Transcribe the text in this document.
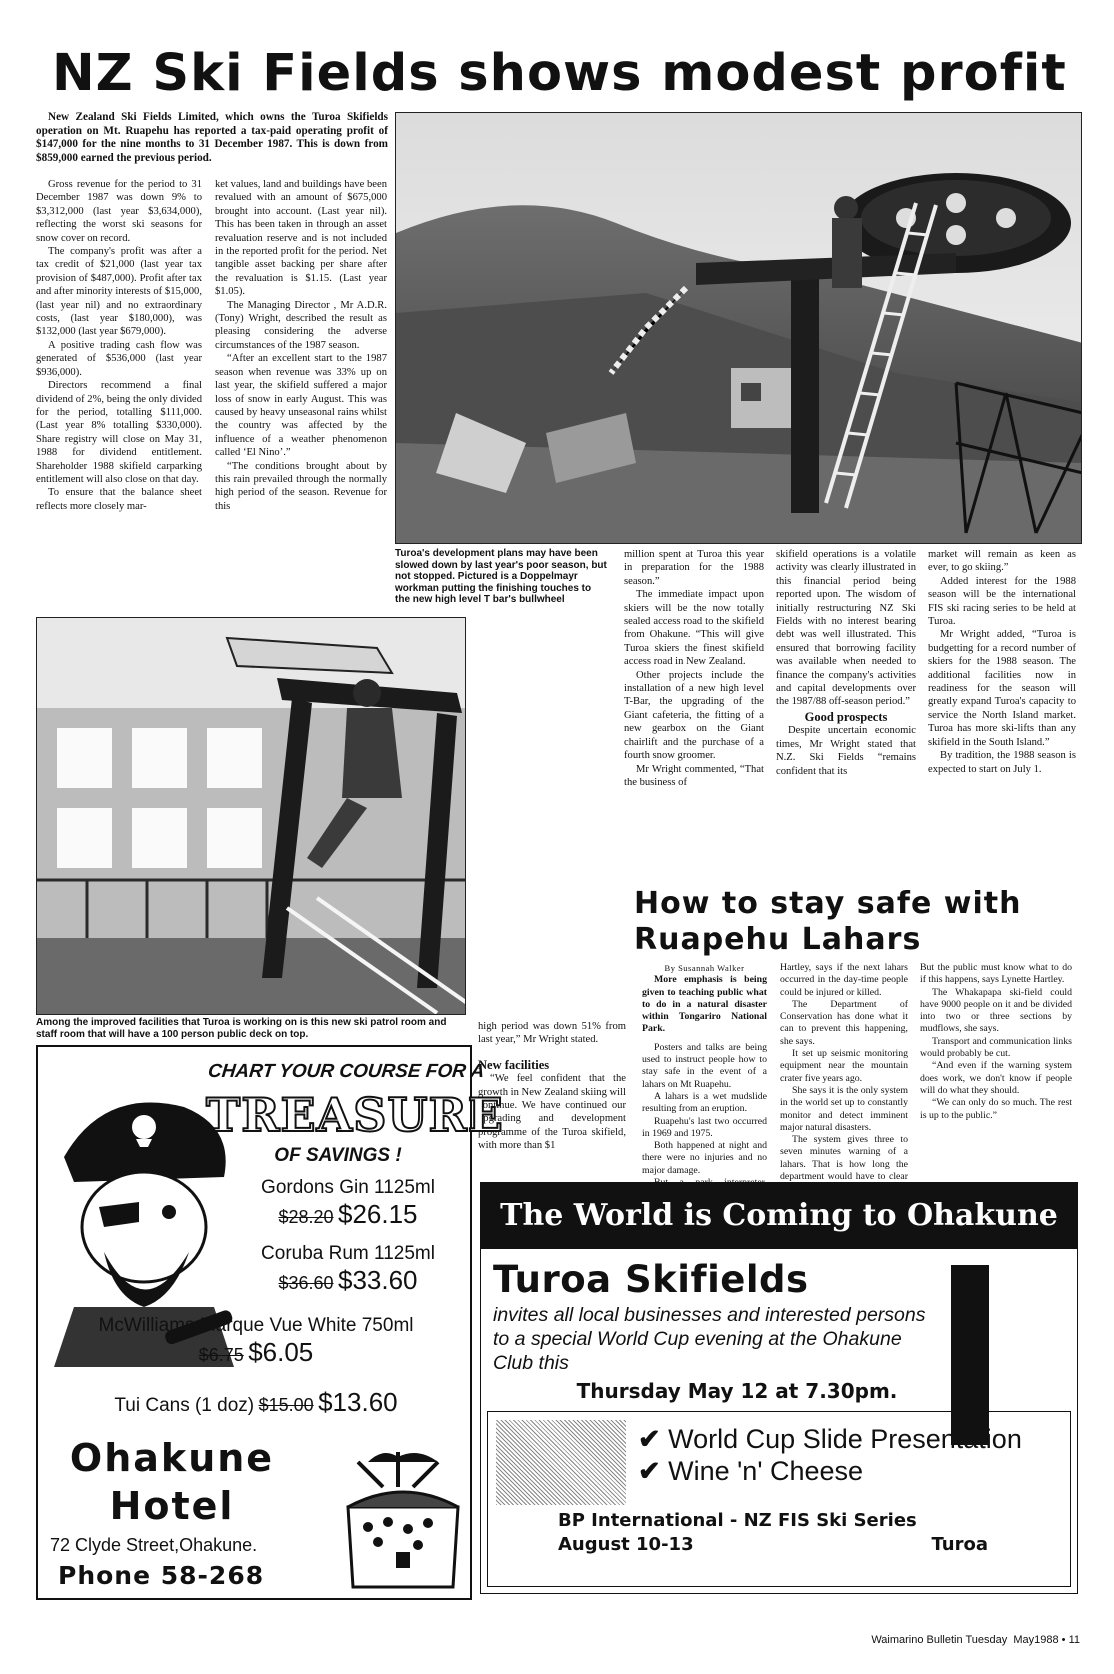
NZ Ski Fields shows modest profit
New Zealand Ski Fields Limited, which owns the Turoa Skifields operation on Mt. Ruapehu has reported a tax-paid operating profit of $147,000 for the nine months to 31 December 1987. This is down from $859,000 earned the previous period.

Gross revenue for the period to 31 December 1987 was down 9% to $3,312,000 (last year $3,634,000), reflecting the worst ski seasons for snow cover on record.

The company's profit was after a tax credit of $21,000 (last year tax provision of $487,000). Profit after tax and after minority interests of $15,000, (last year nil) and no extraordinary costs, (last year $180,000), was $132,000 (last year $679,000).

A positive trading cash flow was generated of $536,000 (last year $936,000).

Directors recommend a final dividend of 2%, being the only divided for the period, totalling $111,000. (Last year 8% totalling $330,000). Share registry will close on May 31, 1988 for dividend entitlement. Shareholder 1988 skifield carparking entitlement will also close on that day.

To ensure that the balance sheet reflects more closely mar-

ket values, land and buildings have been revalued with an amount of $675,000 brought into account. (Last year nil). This has been taken in through an asset revaluation reserve and is not included in the reported profit for the period. Net tangible asset backing per share after the revaluation is $1.15. (Last year $1.05).

The Managing Director , Mr A.D.R. (Tony) Wright, described the result as pleasing considering the adverse circumstances of the 1987 season.

“After an excellent start to the 1987 season when revenue was 33% up on last year, the skifield suffered a major loss of snow in early August. This was caused by heavy unseasonal rains whilst the country was affected by the influence of a weather phenomenon called ‘El Nino’.”

“The conditions brought about by this rain prevailed through the normally high period of the season. Revenue for this

Turoa's development plans may have been slowed down by last year's poor season, but not stopped. Pictured is a Doppelmayr workman putting the finishing touches to the new high level T bar's bullwheel
Among the improved facilities that Turoa is working on is this new ski patrol room and staff room that will have a 100 person public deck on top.

high period was down 51% from last year,” Mr Wright stated.

New facilities

“We feel confident that the growth in New Zealand skiing will continue. We have continued our upgrading and development programme of the Turoa skifield, with more than $1

million spent at Turoa this year in preparation for the 1988 season.”

The immediate impact upon skiers will be the now totally sealed access road to the skifield from Ohakune. “This will give Turoa skiers the finest skifield access road in New Zealand.

Other projects include the installation of a new high level T-Bar, the upgrading of the Giant cafeteria, the fitting of a new gearbox on the Giant chairlift and the purchase of a fourth snow groomer.

Mr Wright commented, “That the business of

skifield operations is a volatile activity was clearly illustrated in this financial period being reported upon. The wisdom of initially restructuring NZ Ski Fields with no interest bearing debt was well illustrated. This ensured that borrowing facility was available when needed to finance the company's activities and capital developments over the 1987/88 off-season period.”

Good prospects

Despite uncertain economic times, Mr Wright stated that N.Z. Ski Fields “remains confident that its

market will remain as keen as ever, to go skiing.”

Added interest for the 1988 season will be the international FIS ski racing series to be held at Turoa.

Mr Wright added, “Turoa is budgetting for a record number of skiers for the 1988 season. The additional facilities now in readiness for the season will greatly expand Turoa's capacity to service the North Island market. Turoa has more ski-lifts than any skifield in the South Island.”

By tradition, the 1988 season is expected to start on July 1.

How to stay safe with
Ruapehu Lahars

By Susannah Walker

More emphasis is being given to teaching public what to do in a natural disaster within Tongariro National Park.

Posters and talks are being used to instruct people how to stay safe in the event of a lahars on Mt Ruapehu.

A lahars is a wet mudslide resulting from an eruption.

Ruapehu's last two occurred in 1969 and 1975.

Both happened at night and there were no injuries and no major damage.

Hartley, says if the next lahars occurred in the day-time people could be injured or killed.

The Department of Conservation has done what it can to prevent this happening, she says.

It set up seismic monitoring equipment near the mountain crater five years ago.

She says it is the only system in the world set up to constantly monitor and detect imminent major natural disasters.

The system gives three to seven minutes warning of a lahars. That is how long the department would have to clear

But the public must know what to do if this happens, says Lynette Hartley.

The Whakapapa ski-field could have 9000 people on it and be divided into two or three sections by mudflows, she says.

Transport and communication links would probably be cut.

“And even if the warning system does work, we don't know if people will do what they should.

“We can only do so much. The rest is up to the public.”

CHART YOUR COURSE FOR A
TREASURE
OF SAVINGS !
Gordons Gin 1125ml
$28.20 $26.15
Coruba Rum 1125ml
$36.60 $33.60
McWilliams Marque Vue White 750ml
$6.75 $6.05
Tui Cans (1 doz) $15.00 $13.60
Ohakune
Hotel
72 Clyde Street,Ohakune.
Phone 58-268
The World is Coming to Ohakune
Turoa Skifields
invites all local businesses and interested persons to a special World Cup evening at the Ohakune Club this
Thursday May 12 at 7.30pm.
✔ World Cup Slide Presentation
✔ Wine 'n' Cheese
BP International - NZ FIS Ski Series
August 10-13	Turoa
Waimarino Bulletin Tuesday  May1988 • 11
